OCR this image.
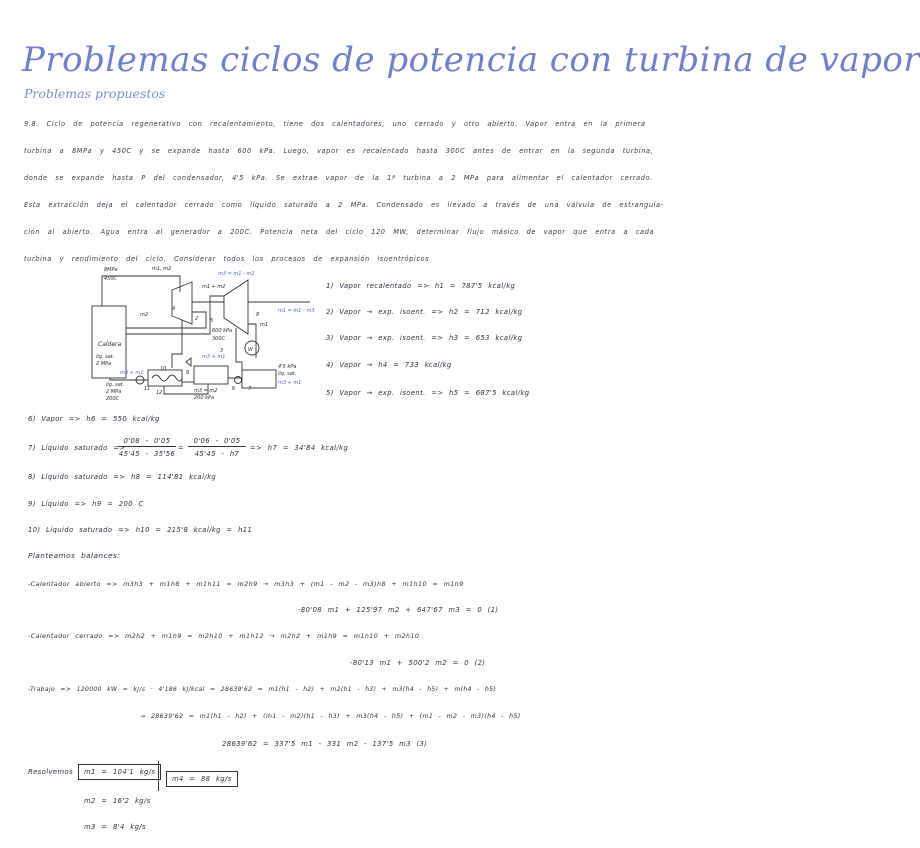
Problemas ciclos de potencia con turbina de vapor
Problemas propuestos
9.8. Ciclo de potencia regenerativo con recalentamiento, tiene dos calentadores, uno cerrado y otro abierto. Vapor entra en la primera
turbina a 8MPa y 450C y se expande hasta 600 kPa. Luego, vapor es recalentado hasta 300C antes de entrar en la segunda turbina,
donde se expande hasta P del condensador, 4'5 kPa. Se extrae vapor de la 1ª turbina a 2 MPa para alimentar el calentador cerrado.
Esta extracción deja el calentador cerrado como líquido saturado a 2 MPa. Condensado es llevado a través de una válvula de estrangula-
ción al abierto. Agua entra al generador a 200C. Potencia neta del ciclo 120 MW, determinar flujo másico de vapor que entra a cada
turbina y rendimiento del ciclo. Considerar todos los procesos de expansión isoentrópicos
8MPa
450C
Caldera
m1, m2
m3 = m1 - m2
m1 + m2
4
2 5
600 kPa
300C
m2	8
m1
m1 = m1 - m3
liq. sat.
2 MPa
m3 + m1
10
m3 = m2
200 kPa
4'5 kPa
liq. sat.
m3 + m1
liq. sat.
2 MPa
200C
m3 + m1
W
7
6
9
11
3
12
1) Vapor recalentado => h1 = 787'5 kcal/kg
2) Vapor → exp. isoent. => h2 = 712 kcal/kg
3) Vapor → exp. isoent. => h3 = 653 kcal/kg
4) Vapor → h4 = 733 kcal/kg
5) Vapor → exp. isoent. => h5 = 687'5 kcal/kg
6) Vapor => h6 = 550 kcal/kg
7) Líquido saturado =>
0'08 - 0'05
45'45 - 35'56
=
0'06 - 0'05
45'45 - h7
=> h7 = 34'84 kcal/kg
8) Líquido saturado => h8 = 114'81 kcal/kg
9) Líquido => h9 = 200 C
10) Líquido saturado => h10 = 215'8 kcal/kg = h11
Planteamos balances:
-Calentador abierto => m3h3 + m1h8 + m1h11 = m2h9 → m3h3 + (m1 - m2 - m3)h8 + m1h10 = m1h9
-80'08 m1 + 125'97 m2 + 647'67 m3 = 0 (1)
-Calentador cerrado => m2h2 + m1h9 = m2h10 + m1h12 → m2h2 + m1h9 = m1h10 + m2h10
-80'13 m1 + 500'2 m2 = 0 (2)
-Trabajo => 120000 kW = kJ/s · 4'186 kJ/kcal = 28639'62 = m1(h1 - h2) + m2(h1 - h3) + m3(h4 - h5) + m(h4 - h5)
→ 28639'62 = m1(h1 - h2) + (m1 - m2)(h1 - h3) + m3(h4 - h5) + (m1 - m2 - m3)(h4 - h5)
28639'62 = 337'5 m1 - 331 m2 - 137'5 m3 (3)
Resolvemos	m1 = 104'1 kg/s
m4 = 88 kg/s
m2 = 16'2 kg/s
m3 = 8'4 kg/s
